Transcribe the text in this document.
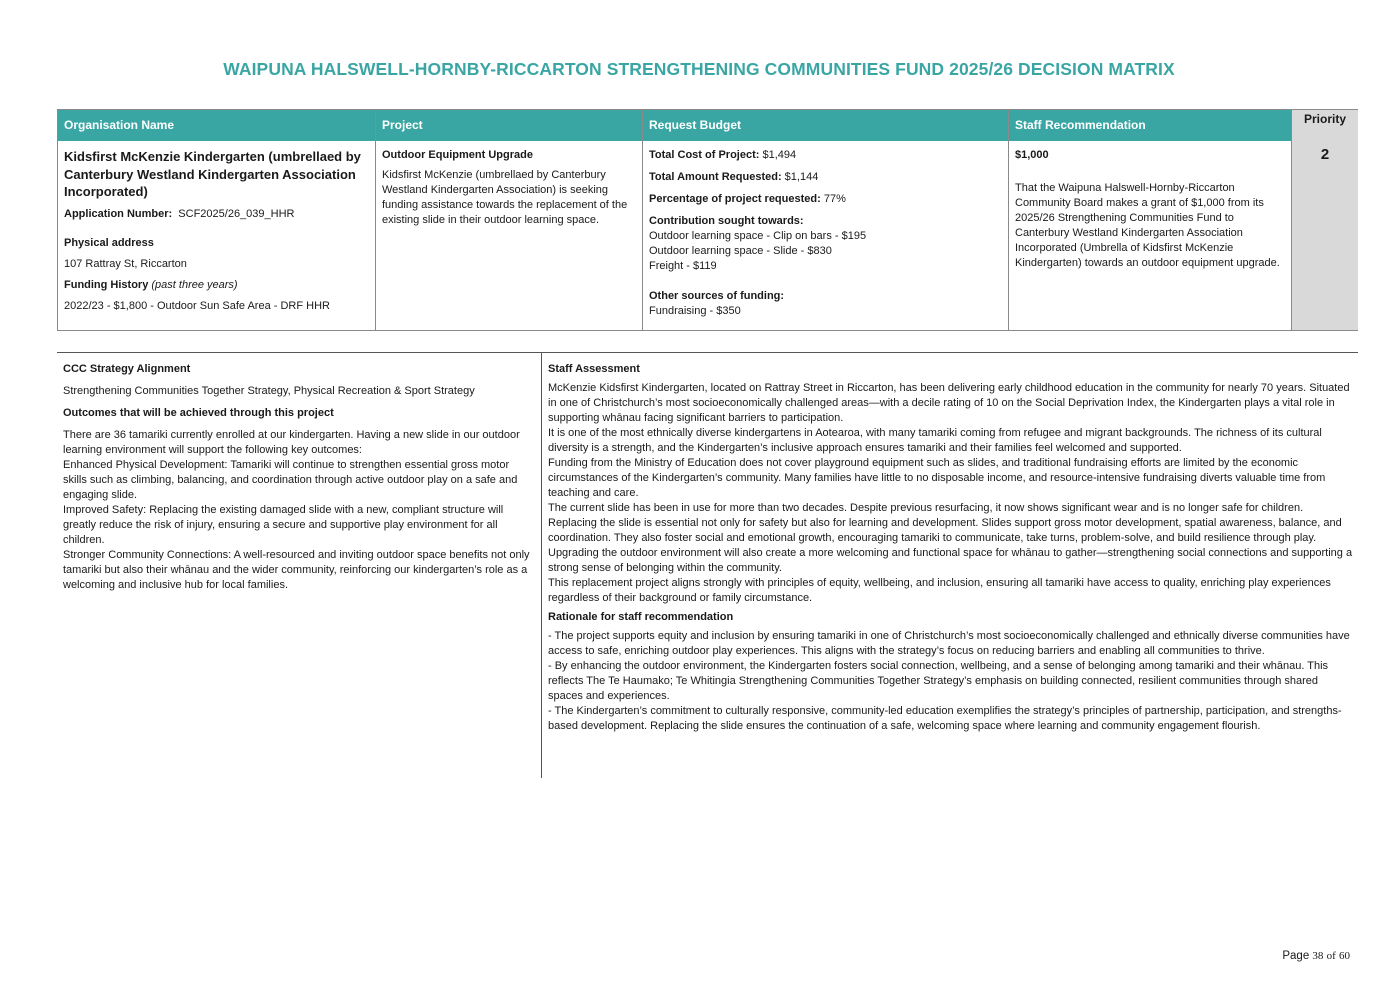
WAIPUNA HALSWELL-HORNBY-RICCARTON STRENGTHENING COMMUNITIES FUND 2025/26 DECISION MATRIX
Organisation Name
Kidsfirst McKenzie Kindergarten (umbrellaed by Canterbury Westland Kindergarten Association Incorporated)

Application Number: SCF2025/26_039_HHR

Physical address

107 Rattray St, Riccarton

Funding History (past three years)

2022/23 - $1,800 - Outdoor Sun Safe Area - DRF HHR

Project

Outdoor Equipment Upgrade

Kidsfirst McKenzie (umbrellaed by Canterbury Westland Kindergarten Association) is seeking funding assistance towards the replacement of the existing slide in their outdoor learning space.

Request Budget

Total Cost of Project: $1,494

Total Amount Requested: $1,144

Percentage of project requested: 77%

Contribution sought towards:

Outdoor learning space - Clip on bars - $195
Outdoor learning space - Slide - $830
Freight - $119

Other sources of funding:

Fundraising - $350
Staff Recommendation

$1,000

That the Waipuna Halswell-Hornby-Riccarton Community Board makes a grant of $1,000 from its 2025/26 Strengthening Communities Fund to Canterbury Westland Kindergarten Association Incorporated (Umbrella of Kidsfirst McKenzie Kindergarten) towards an outdoor equipment upgrade.

Priority
2

CCC Strategy Alignment

Strengthening Communities Together Strategy, Physical Recreation & Sport Strategy

Outcomes that will be achieved through this project

There are 36 tamariki currently enrolled at our kindergarten. Having a new slide in our outdoor learning environment will support the following key outcomes:

Enhanced Physical Development: Tamariki will continue to strengthen essential gross motor skills such as climbing, balancing, and coordination through active outdoor play on a safe and engaging slide.

Improved Safety: Replacing the existing damaged slide with a new, compliant structure will greatly reduce the risk of injury, ensuring a secure and supportive play environment for all children.

Stronger Community Connections: A well-resourced and inviting outdoor space benefits not only tamariki but also their whānau and the wider community, reinforcing our kindergarten’s role as a welcoming and inclusive hub for local families.

Staff Assessment

McKenzie Kidsfirst Kindergarten, located on Rattray Street in Riccarton, has been delivering early childhood education in the community for nearly 70 years. Situated in one of Christchurch’s most socioeconomically challenged areas—with a decile rating of 10 on the Social Deprivation Index, the Kindergarten plays a vital role in supporting whānau facing significant barriers to participation.

It is one of the most ethnically diverse kindergartens in Aotearoa, with many tamariki coming from refugee and migrant backgrounds. The richness of its cultural diversity is a strength, and the Kindergarten’s inclusive approach ensures tamariki and their families feel welcomed and supported.

Funding from the Ministry of Education does not cover playground equipment such as slides, and traditional fundraising efforts are limited by the economic circumstances of the Kindergarten’s community. Many families have little to no disposable income, and resource-intensive fundraising diverts valuable time from teaching and care.

The current slide has been in use for more than two decades. Despite previous resurfacing, it now shows significant wear and is no longer safe for children. Replacing the slide is essential not only for safety but also for learning and development. Slides support gross motor development, spatial awareness, balance, and coordination. They also foster social and emotional growth, encouraging tamariki to communicate, take turns, problem-solve, and build resilience through play.

Upgrading the outdoor environment will also create a more welcoming and functional space for whānau to gather—strengthening social connections and supporting a strong sense of belonging within the community.

This replacement project aligns strongly with principles of equity, wellbeing, and inclusion, ensuring all tamariki have access to quality, enriching play experiences regardless of their background or family circumstance.

Rationale for staff recommendation

- The project supports equity and inclusion by ensuring tamariki in one of Christchurch’s most socioeconomically challenged and ethnically diverse communities have access to safe, enriching outdoor play experiences. This aligns with the strategy’s focus on reducing barriers and enabling all communities to thrive.

- By enhancing the outdoor environment, the Kindergarten fosters social connection, wellbeing, and a sense of belonging among tamariki and their whānau. This reflects The Te Haumako; Te Whitingia Strengthening Communities Together Strategy’s emphasis on building connected, resilient communities through shared spaces and experiences.

- The Kindergarten’s commitment to culturally responsive, community-led education exemplifies the strategy’s principles of partnership, participation, and strengths-based development. Replacing the slide ensures the continuation of a safe, welcoming space where learning and community engagement flourish.

Page 38 of 60
